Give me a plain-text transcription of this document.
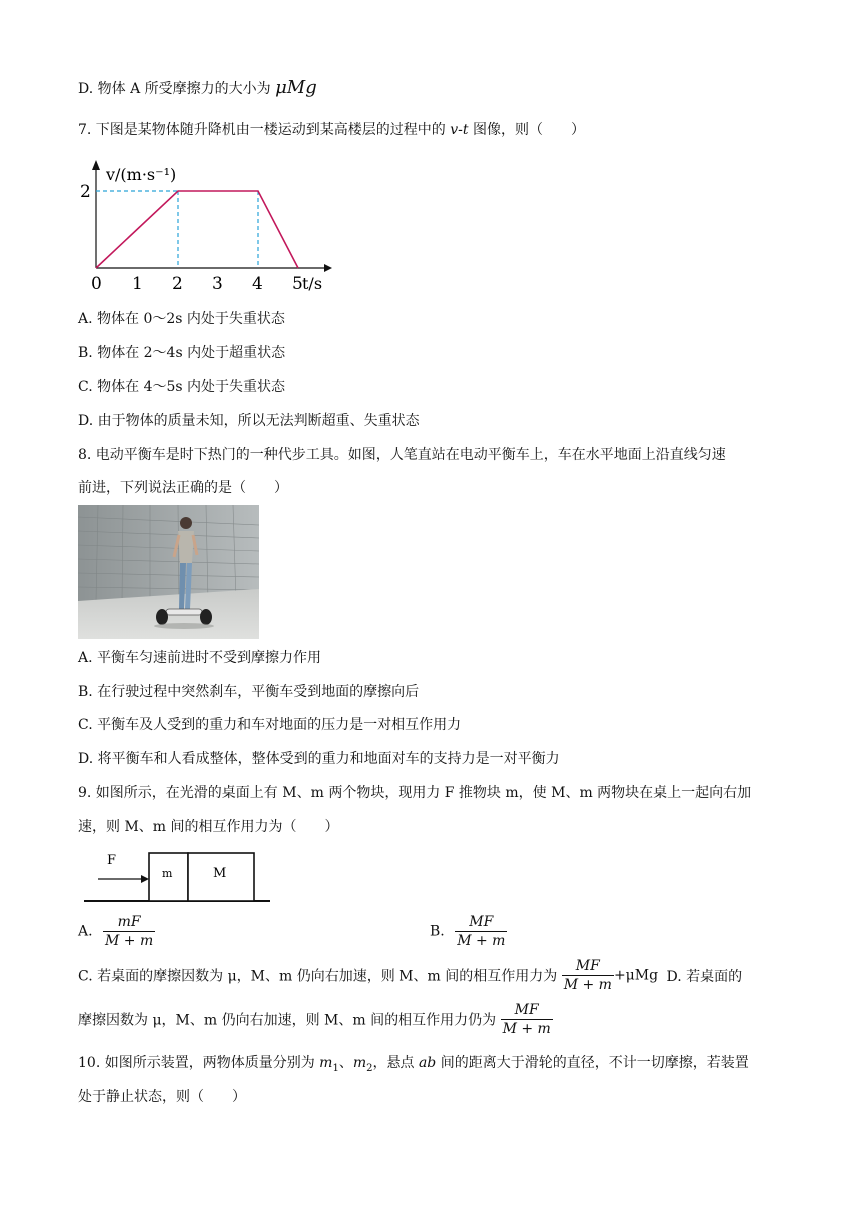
D. 物体 A 所受摩擦力的大小为 μMg
7. 下图是某物体随升降机由一楼运动到某高楼层的过程中的 v-t 图像，则（　　）
v/(m·s⁻¹)
t/s
2
0 1 2 3 4 5
A. 物体在 0～2s 内处于失重状态
B. 物体在 2～4s 内处于超重状态
C. 物体在 4～5s 内处于失重状态
D. 由于物体的质量未知，所以无法判断超重、失重状态
8. 电动平衡车是时下热门的一种代步工具。如图，人笔直站在电动平衡车上，车在水平地面上沿直线匀速
前进，下列说法正确的是（　　）
A. 平衡车匀速前进时不受到摩擦力作用
B. 在行驶过程中突然刹车，平衡车受到地面的摩擦向后
C. 平衡车及人受到的重力和车对地面的压力是一对相互作用力
D. 将平衡车和人看成整体，整体受到的重力和地面对车的支持力是一对平衡力
9. 如图所示，在光滑的桌面上有 M、m 两个物块，现用力 F 推物块 m，使 M、m 两物块在桌上一起向右加
速，则 M、m 间的相互作用力为（　　）
F
m	M
A. $\frac{mF}{M + m}$	B. $\frac{MF}{M + m}$
C. 若桌面的摩擦因数为 μ，M、m 仍向右加速，则 M、m 间的相互作用力为 $\frac{MF}{M + m} +\mu Mg$ D. 若桌面的
摩擦因数为 μ，M、m 仍向右加速，则 M、m 间的相互作用力仍为 $\frac{MF}{M + m}$
10. 如图所示装置，两物体质量分别为 $m_1$、$m_2$，悬点 ab 间的距离大于滑轮的直径，不计一切摩擦，若装置
处于静止状态，则（　　）
